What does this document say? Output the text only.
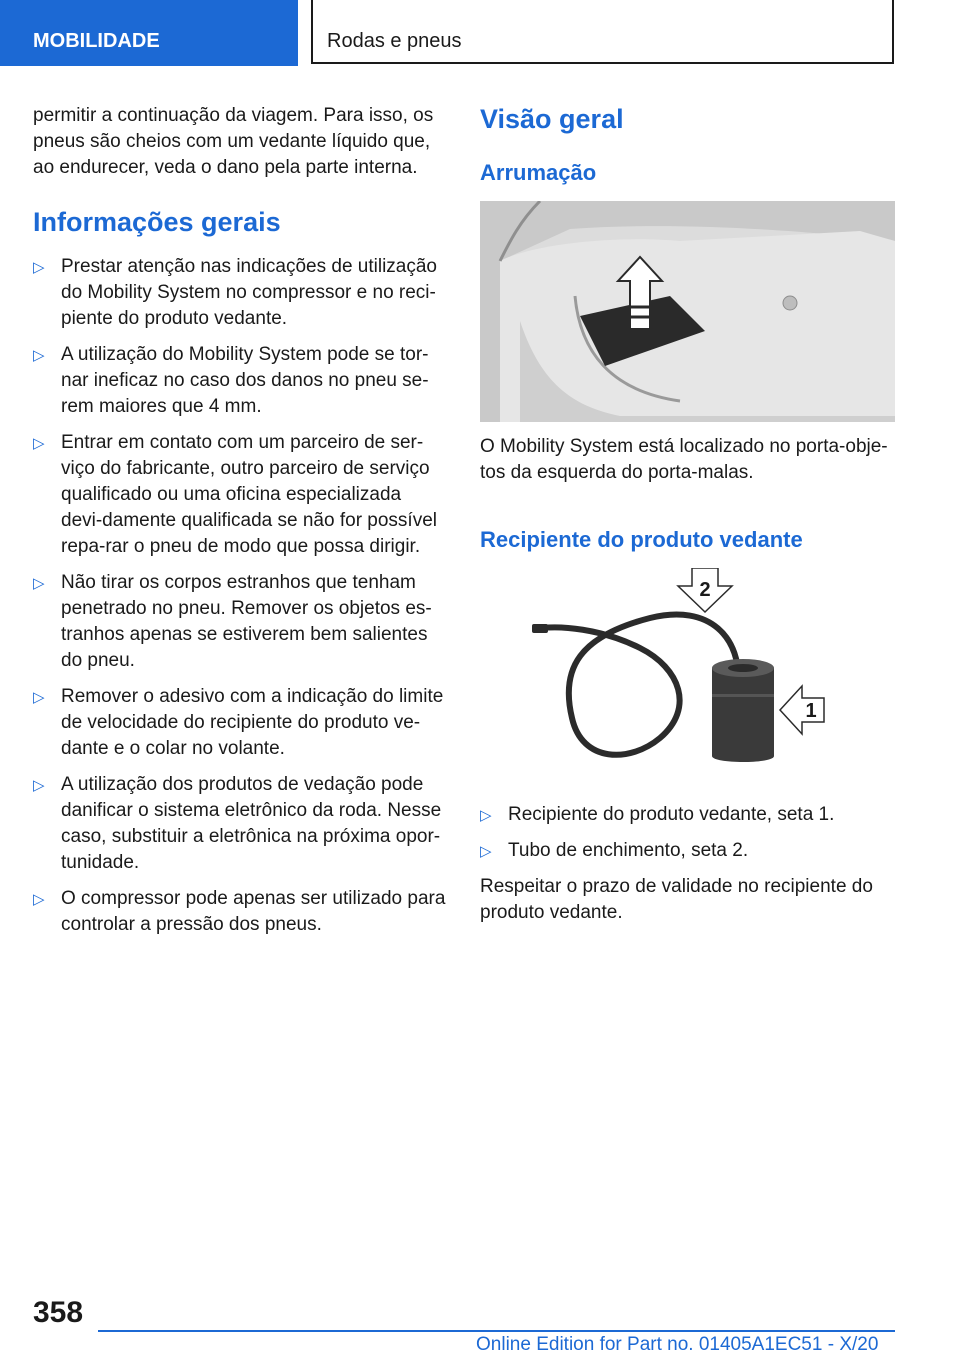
MOBILIDADE	Rodas e pneus

permitir a continuação da viagem. Para isso, os pneus são cheios com um vedante líquido que, ao endurecer, veda o dano pela parte interna.

Informações gerais
▷ Prestar atenção nas indicações de utilização do Mobility System no compressor e no reci-piente do produto vedante.
▷ A utilização do Mobility System pode se tor-nar ineficaz no caso dos danos no pneu se-rem maiores que 4 mm.
▷ Entrar em contato com um parceiro de ser-viço do fabricante, outro parceiro de serviço qualificado ou uma oficina especializada devi-damente qualificada se não for possível repa-rar o pneu de modo que possa dirigir.
▷ Não tirar os corpos estranhos que tenham penetrado no pneu. Remover os objetos es-tranhos apenas se estiverem bem salientes do pneu.
▷ Remover o adesivo com a indicação do limite de velocidade do recipiente do produto ve-dante e o colar no volante.
▷ A utilização dos produtos de vedação pode danificar o sistema eletrônico da roda. Nesse caso, substituir a eletrônica na próxima opor-tunidade.
▷ O compressor pode apenas ser utilizado para controlar a pressão dos pneus.
Visão geral
Arrumação

O Mobility System está localizado no porta-obje-tos da esquerda do porta-malas.

Recipiente do produto vedante
2
1
▷ Recipiente do produto vedante, seta 1.
▷ Tubo de enchimento, seta 2.

Respeitar o prazo de validade no recipiente do produto vedante.

358
Online Edition for Part no. 01405A1EC51 - X/20
